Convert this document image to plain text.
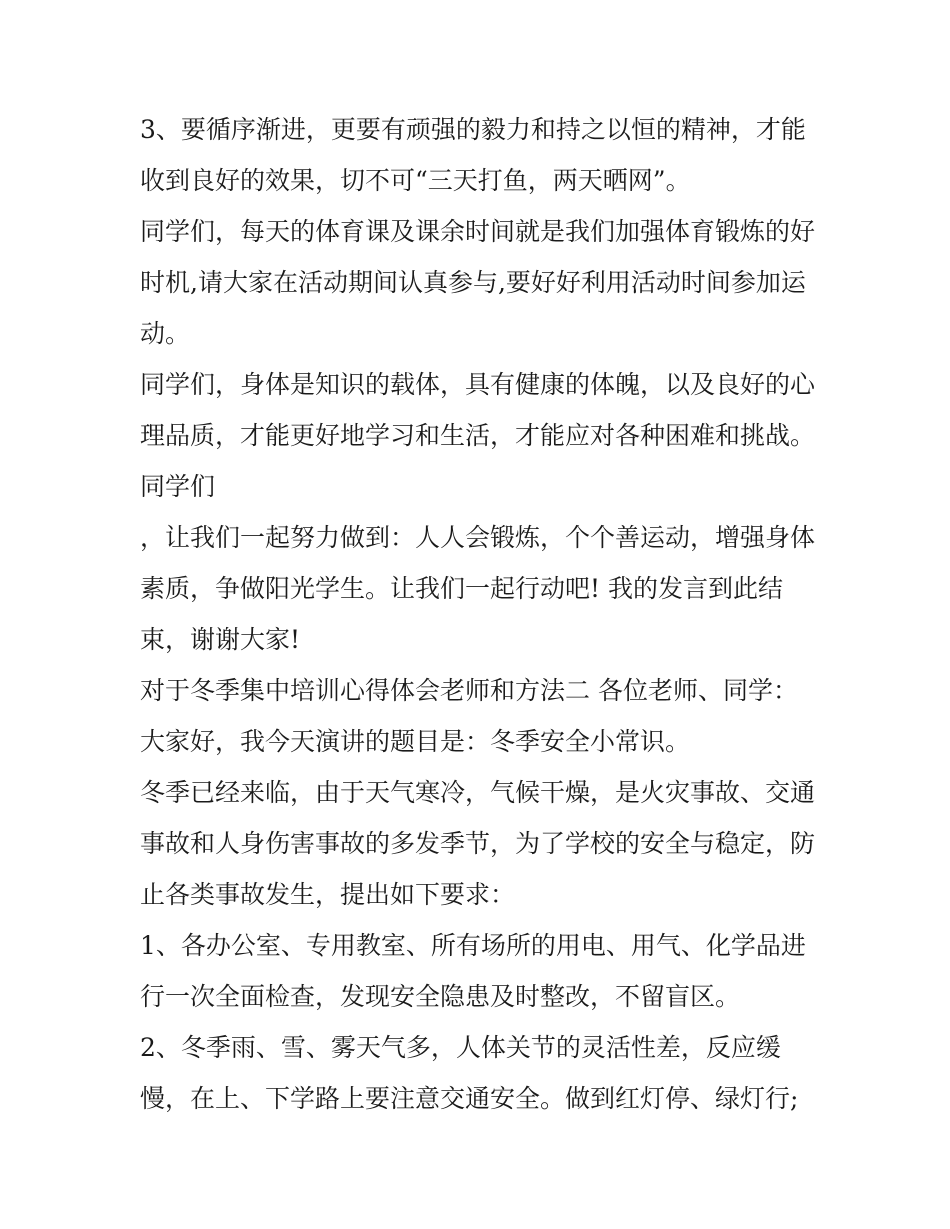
3、要循序渐进，更要有顽强的毅力和持之以恒的精神，才能
收到良好的效果，切不可“三天打鱼，两天晒网”。
同学们，每天的体育课及课余时间就是我们加强体育锻炼的好
时机,请大家在活动期间认真参与,要好好利用活动时间参加运
动。
同学们，身体是知识的载体，具有健康的体魄，以及良好的心
理品质，才能更好地学习和生活，才能应对各种困难和挑战。
同学们
，让我们一起努力做到：人人会锻炼，个个善运动，增强身体
素质，争做阳光学生。让我们一起行动吧! 我的发言到此结
束，谢谢大家!
对于冬季集中培训心得体会老师和方法二 各位老师、同学：
大家好，我今天演讲的题目是：冬季安全小常识。
冬季已经来临，由于天气寒冷，气候干燥，是火灾事故、交通
事故和人身伤害事故的多发季节，为了学校的安全与稳定，防
止各类事故发生，提出如下要求：
1、各办公室、专用教室、所有场所的用电、用气、化学品进
行一次全面检查，发现安全隐患及时整改，不留盲区。
2、冬季雨、雪、雾天气多，人体关节的灵活性差，反应缓
慢，在上、下学路上要注意交通安全。做到红灯停、绿灯行;
